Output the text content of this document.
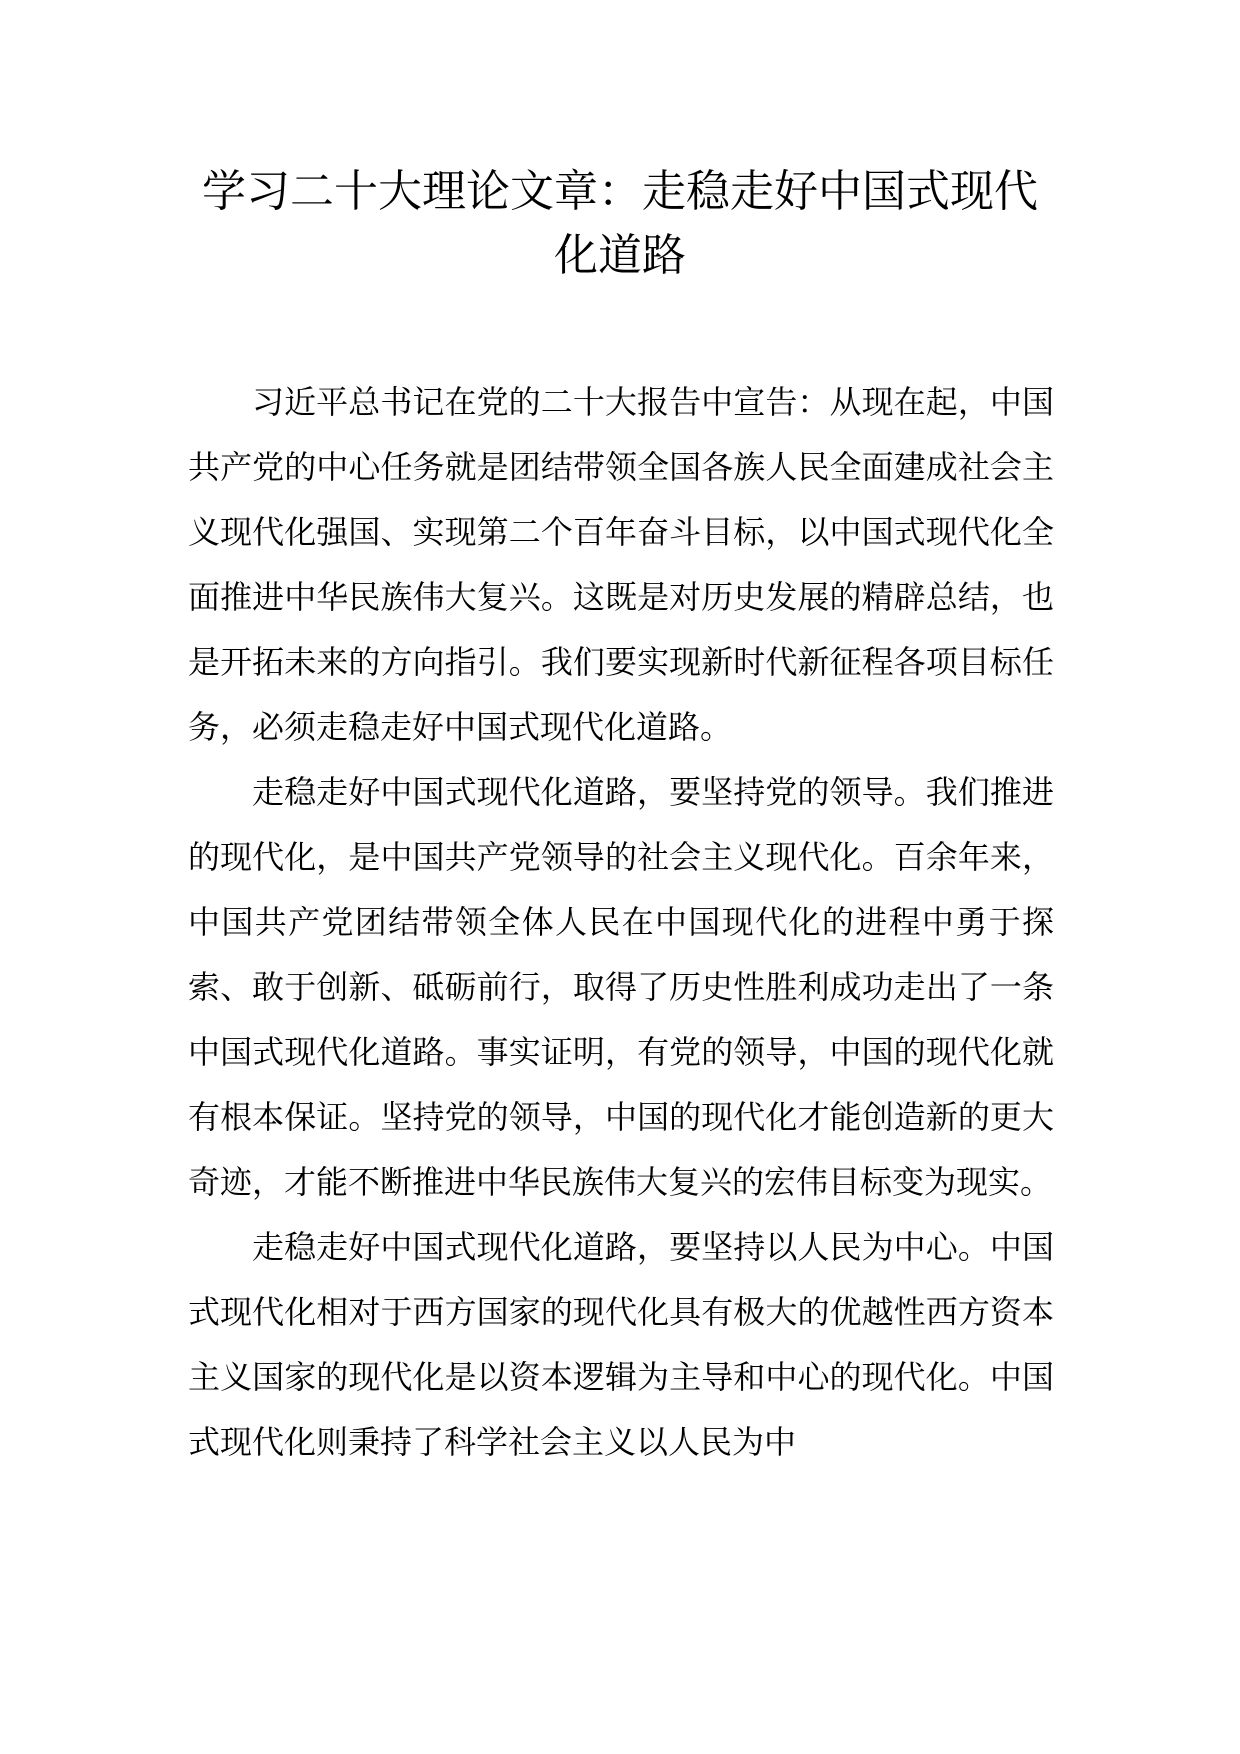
学习二十大理论文章：走稳走好中国式现代化道路

习近平总书记在党的二十大报告中宣告：从现在起，中国共产党的中心任务就是团结带领全国各族人民全面建成社会主义现代化强国、实现第二个百年奋斗目标，以中国式现代化全面推进中华民族伟大复兴。这既是对历史发展的精辟总结，也是开拓未来的方向指引。我们要实现新时代新征程各项目标任务，必须走稳走好中国式现代化道路。

走稳走好中国式现代化道路，要坚持党的领导。我们推进的现代化，是中国共产党领导的社会主义现代化。百余年来，中国共产党团结带领全体人民在中国现代化的进程中勇于探索、敢于创新、砥砺前行，取得了历史性胜利成功走出了一条中国式现代化道路。事实证明，有党的领导，中国的现代化就有根本保证。坚持党的领导，中国的现代化才能创造新的更大奇迹，才能不断推进中华民族伟大复兴的宏伟目标变为现实。

走稳走好中国式现代化道路，要坚持以人民为中心。中国式现代化相对于西方国家的现代化具有极大的优越性西方资本主义国家的现代化是以资本逻辑为主导和中心的现代化。中国式现代化则秉持了科学社会主义以人民为中
